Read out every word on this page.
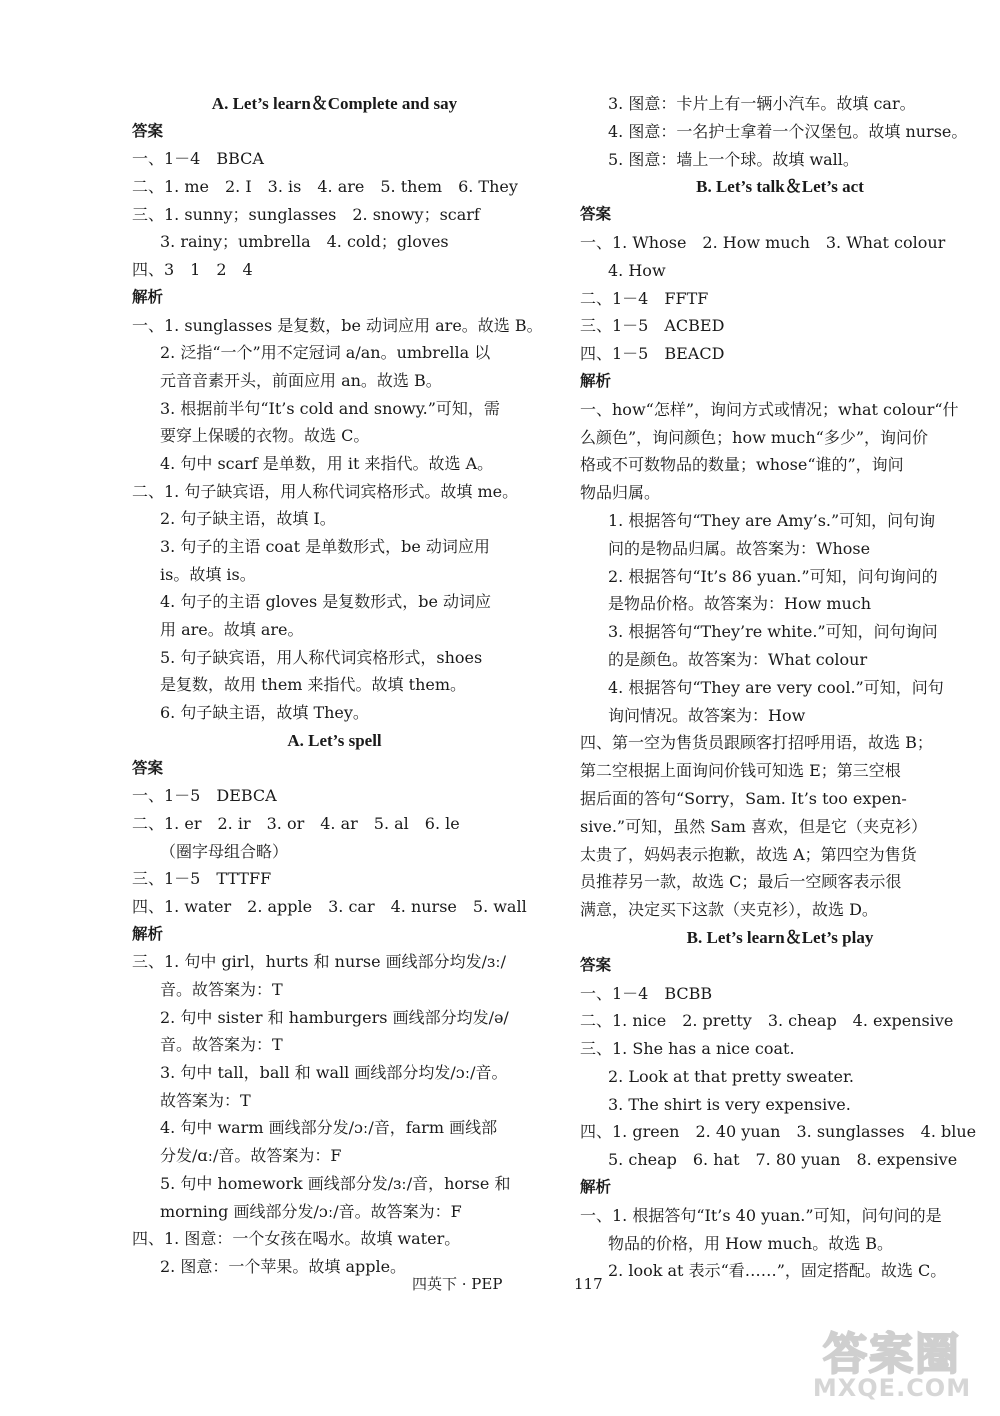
A. Let’s learn＆Complete and say
答案
一、1－4　BBCA
二、1. me　2. I　3. is　4. are　5. them　6. They
三、1. sunny；sunglasses　2. snowy；scarf
3. rainy；umbrella　4. cold；gloves
四、3　1　2　4
解析
一、1. sunglasses 是复数，be 动词应用 are。故选 B。
2. 泛指“一个”用不定冠词 a/an。umbrella 以
元音音素开头，前面应用 an。故选 B。
3. 根据前半句“It’s cold and snowy.”可知，需
要穿上保暖的衣物。故选 C。
4. 句中 scarf 是单数，用 it 来指代。故选 A。
二、1. 句子缺宾语，用人称代词宾格形式。故填 me。
2. 句子缺主语，故填 I。
3. 句子的主语 coat 是单数形式，be 动词应用
is。故填 is。
4. 句子的主语 gloves 是复数形式，be 动词应
用 are。故填 are。
5. 句子缺宾语，用人称代词宾格形式，shoes
是复数，故用 them 来指代。故填 them。
6. 句子缺主语，故填 They。
A. Let’s spell
答案
一、1－5　DEBCA
二、1. er　2. ir　3. or　4. ar　5. al　6. le
（圈字母组合略）
三、1－5　TTTFF
四、1. water　2. apple　3. car　4. nurse　5. wall
解析
三、1. 句中 girl，hurts 和 nurse 画线部分均发/ɜː/
音。故答案为：T
2. 句中 sister 和 hamburgers 画线部分均发/ə/
音。故答案为：T
3. 句中 tall，ball 和 wall 画线部分均发/ɔː/音。
故答案为：T
4. 句中 warm 画线部分发/ɔː/音，farm 画线部
分发/ɑː/音。故答案为：F
5. 句中 homework 画线部分发/ɜː/音，horse 和
morning 画线部分发/ɔː/音。故答案为：F
四、1. 图意：一个女孩在喝水。故填 water。
2. 图意：一个苹果。故填 apple。
3. 图意：卡片上有一辆小汽车。故填 car。
4. 图意：一名护士拿着一个汉堡包。故填 nurse。
5. 图意：墙上一个球。故填 wall。
B. Let’s talk＆Let’s act
答案
一、1. Whose　2. How much　3. What colour
4. How
二、1－4　FFTF
三、1－5　ACBED
四、1－5　BEACD
解析
一、how“怎样”，询问方式或情况；what colour“什
么颜色”，询问颜色；how much“多少”，询问价
格或不可数物品的数量；whose“谁的”，询问
物品归属。
1. 根据答句“They are Amy’s.”可知，问句询
问的是物品归属。故答案为：Whose
2. 根据答句“It’s 86 yuan.”可知，问句询问的
是物品价格。故答案为：How much
3. 根据答句“They’re white.”可知，问句询问
的是颜色。故答案为：What colour
4. 根据答句“They are very cool.”可知，问句
询问情况。故答案为：How
四、第一空为售货员跟顾客打招呼用语，故选 B；
第二空根据上面询问价钱可知选 E；第三空根
据后面的答句“Sorry，Sam. It’s too expen-
sive.”可知，虽然 Sam 喜欢，但是它（夹克衫）
太贵了，妈妈表示抱歉，故选 A；第四空为售货
员推荐另一款，故选 C；最后一空顾客表示很
满意，决定买下这款（夹克衫），故选 D。
B. Let’s learn＆Let’s play
答案
一、1－4　BCBB
二、1. nice　2. pretty　3. cheap　4. expensive
三、1. She has a nice coat.
2. Look at that pretty sweater.
3. The shirt is very expensive.
四、1. green　2. 40 yuan　3. sunglasses　4. blue
5. cheap　6. hat　7. 80 yuan　8. expensive
解析
一、1. 根据答句“It’s 40 yuan.”可知，问句问的是
物品的价格，用 How much。故选 B。
2. look at 表示“看……”，固定搭配。故选 C。
四英下 · PEP	117
答案圈
MXQE.COM
